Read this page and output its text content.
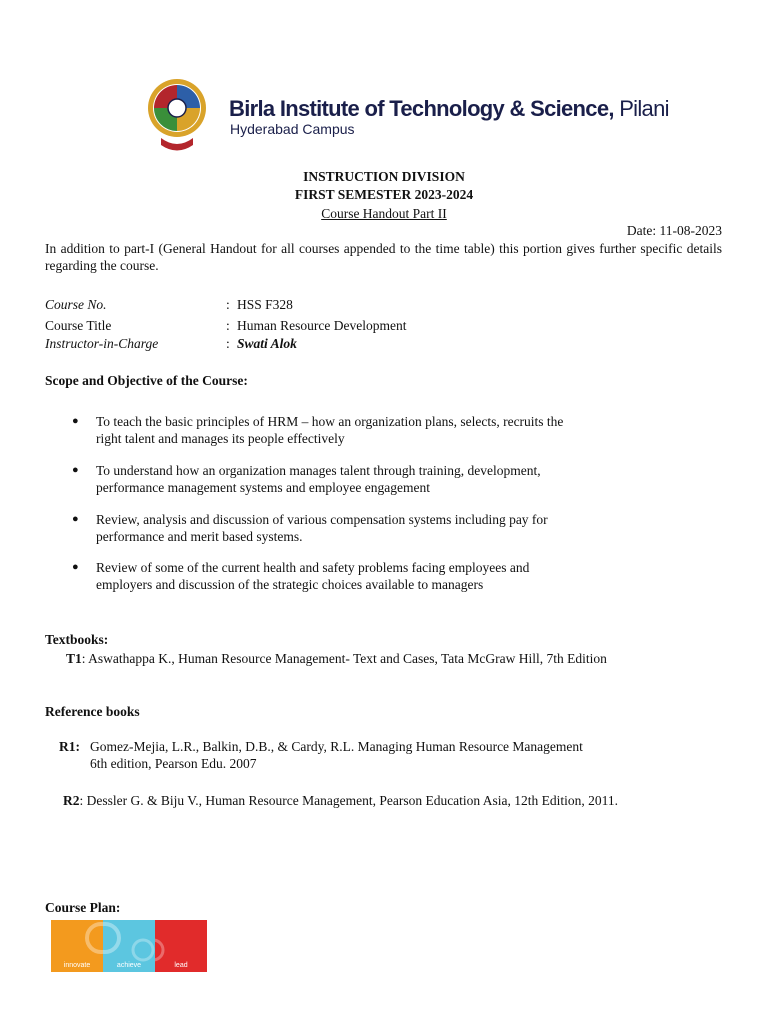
Birla Institute of Technology & Science, Pilani
Hyderabad Campus
INSTRUCTION DIVISION
FIRST SEMESTER 2023-2024
Course Handout Part II
Date: 11-08-2023
In addition to part-I (General Handout for all courses appended to the time table) this portion gives further specific details regarding the course.
Course No.	: HSS F328
Course Title	: Human Resource Development
Instructor-in-Charge	: Swati Alok
Scope and Objective of the Course:
● To teach the basic principles of HRM – how an organization plans, selects, recruits the
right talent and manages its people effectively
● To understand how an organization manages talent through training, development,
performance management systems and employee engagement
● Review, analysis and discussion of various compensation systems including pay for
performance and merit based systems.
● Review of some of the current health and safety problems facing employees and
employers and discussion of the strategic choices available to managers
Textbooks:
T1: Aswathappa K., Human Resource Management- Text and Cases, Tata McGraw Hill, 7th Edition
Reference books
R1: Gomez-Mejia, L.R., Balkin, D.B., & Cardy, R.L. Managing Human Resource Management
6th edition, Pearson Edu. 2007
R2: Dessler G. & Biju V., Human Resource Management, Pearson Education Asia, 12th Edition, 2011.
Course Plan:
innovate	achieve	lead
